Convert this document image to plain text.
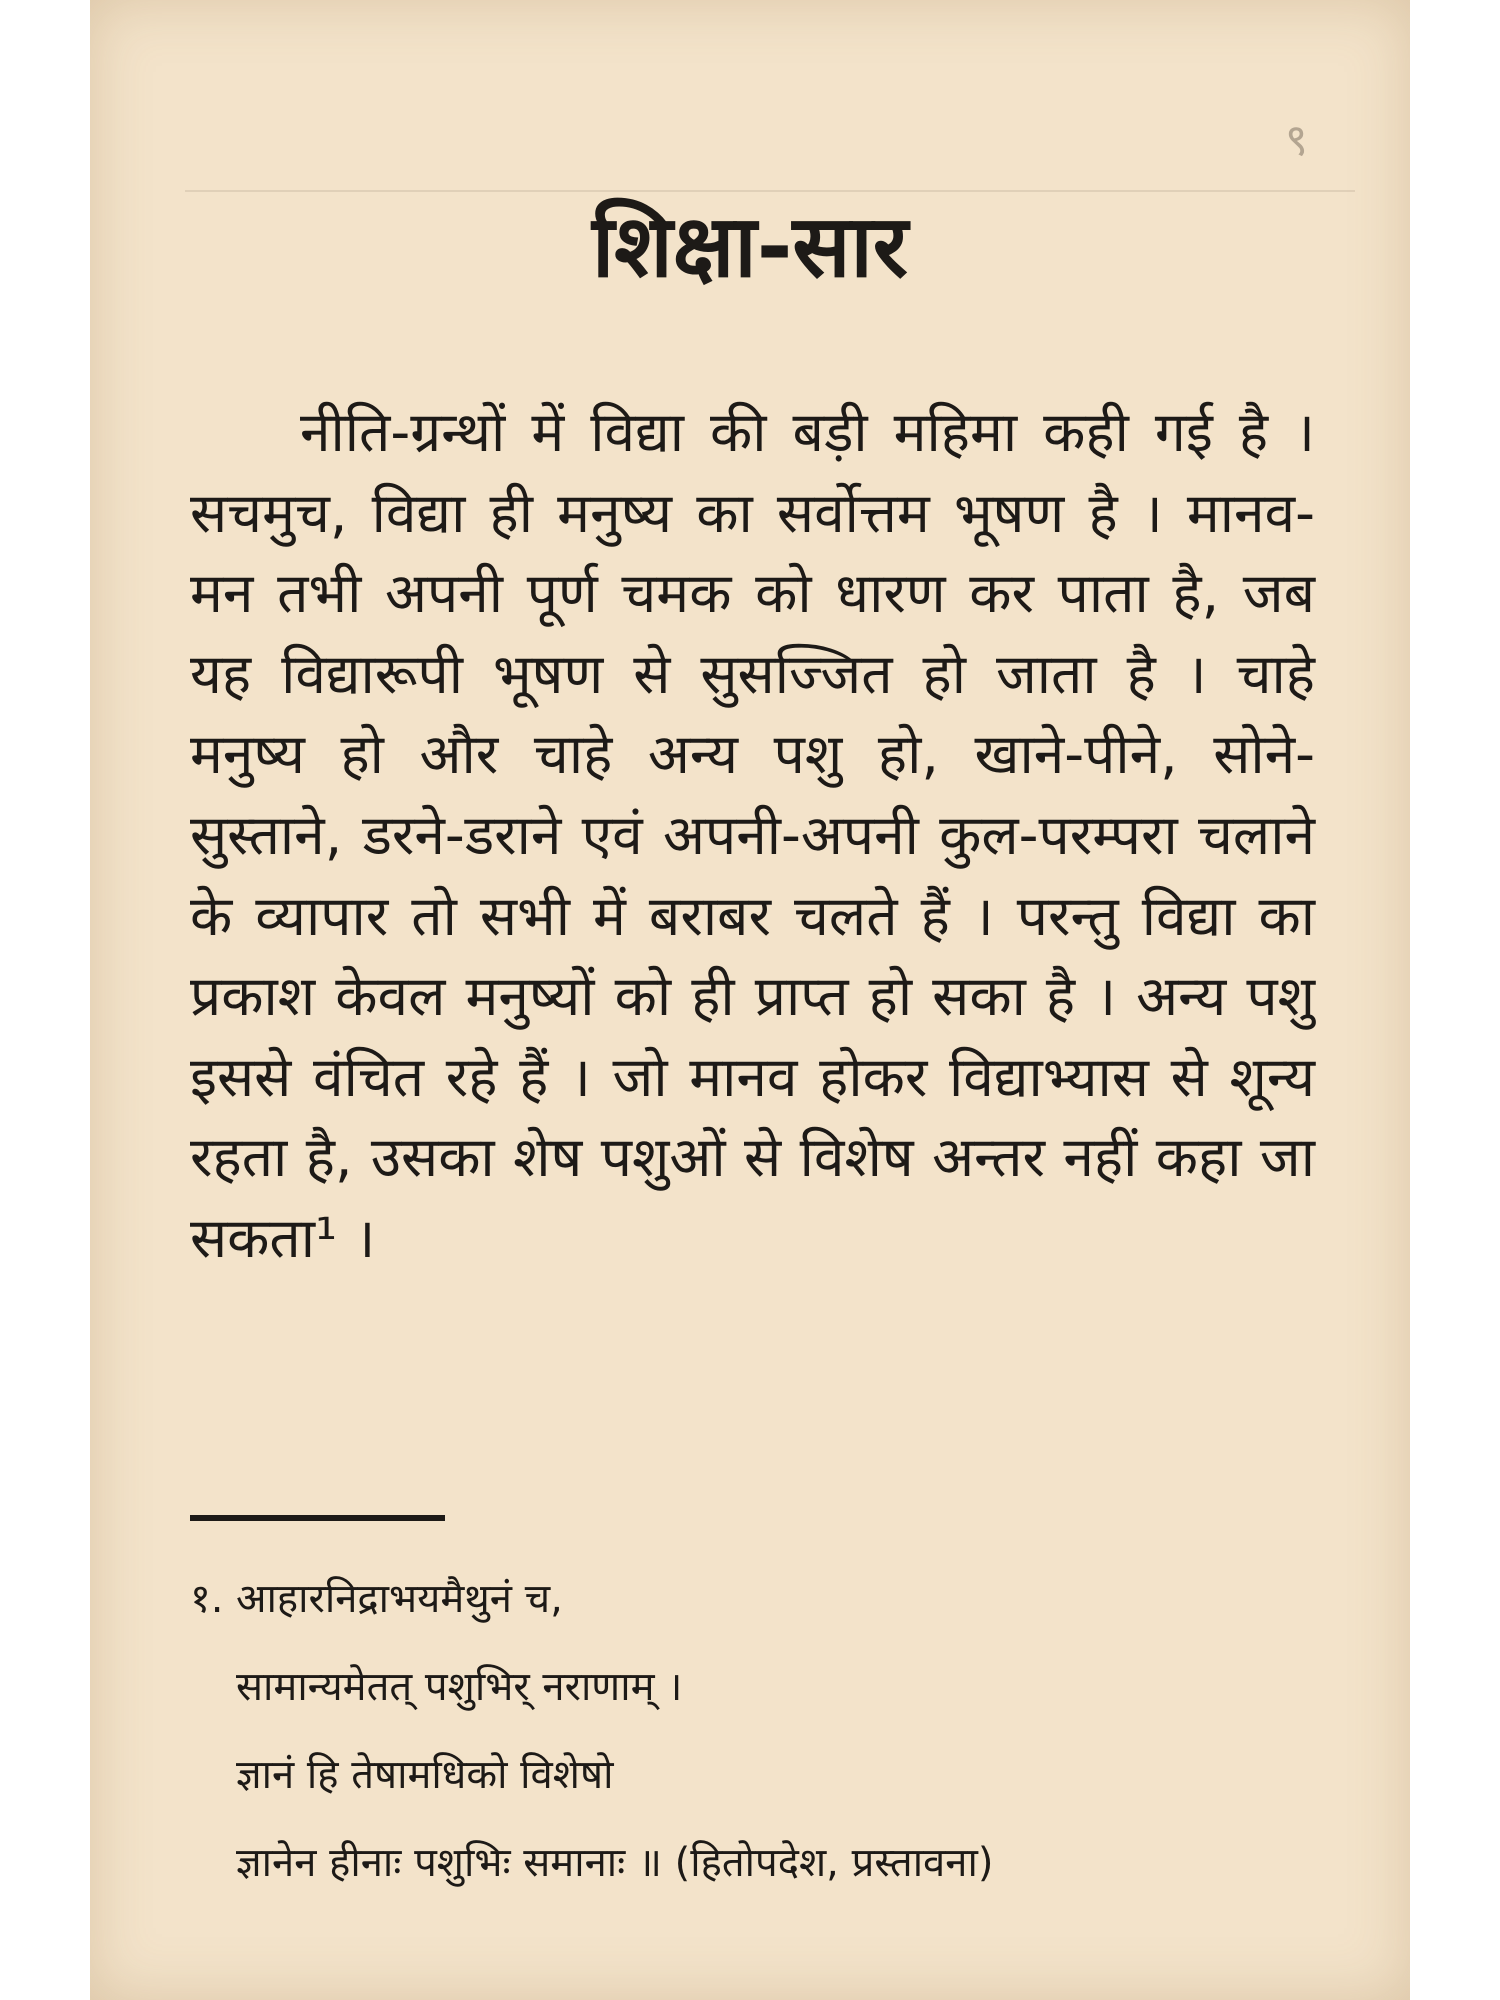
९
शिक्षा-सार

नीति-ग्रन्थों में विद्या की बड़ी महिमा कही गई है । सचमुच, विद्या ही मनुष्य का सर्वोत्तम भूषण है । मानव-मन तभी अपनी पूर्ण चमक को धारण कर पाता है, जब यह विद्यारूपी भूषण से सुसज्जित हो जाता है । चाहे मनुष्य हो और चाहे अन्य पशु हो, खाने-पीने, सोने-सुस्ताने, डरने-डराने एवं अपनी-अपनी कुल-परम्परा चलाने के व्यापार तो सभी में बराबर चलते हैं । परन्तु विद्या का प्रकाश केवल मनुष्यों को ही प्राप्त हो सका है । अन्य पशु इससे वंचित रहे हैं । जो मानव होकर विद्याभ्यास से शून्य रहता है, उसका शेष पशुओं से विशेष अन्तर नहीं कहा जा सकता¹ ।

१. आहारनिद्राभयमैथुनं च,
सामान्यमेतत् पशुभिर् नराणाम् ।
ज्ञानं हि तेषामधिको विशेषो
ज्ञानेन हीनाः पशुभिः समानाः ॥ (हितोपदेश, प्रस्तावना)
